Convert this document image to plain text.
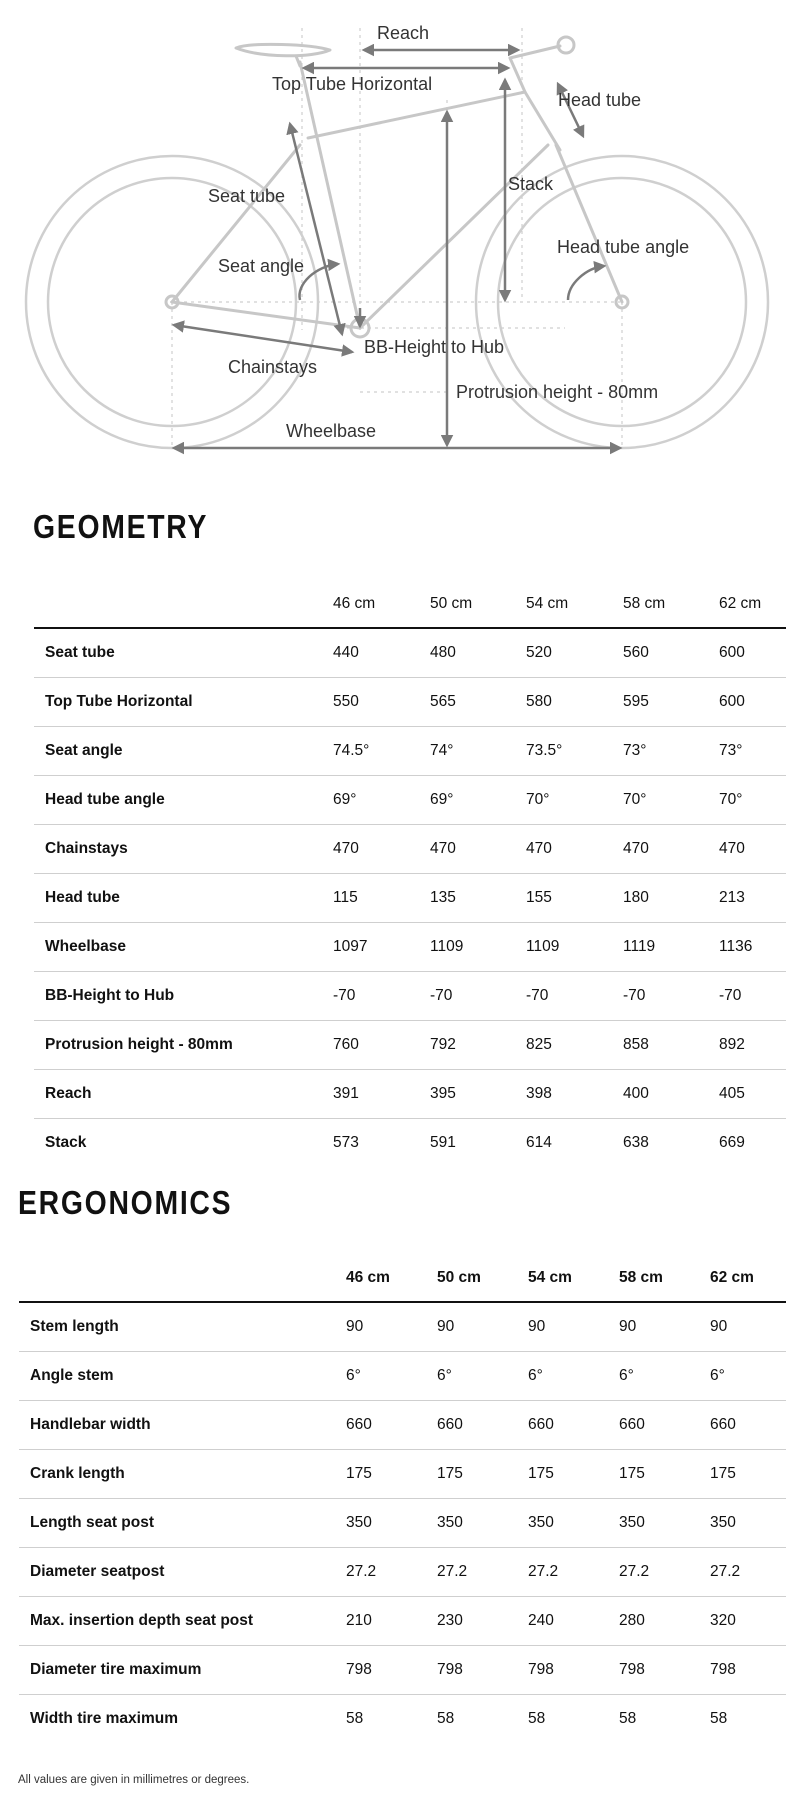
Reach
Top Tube Horizontal
Head tube
Stack
Seat tube
Head tube angle
Seat angle
BB-Height to Hub
Chainstays
Protrusion height - 80mm
Wheelbase
GEOMETRY
	46 cm	50 cm	54 cm	58 cm	62 cm
Seat tube	440	480	520	560	600
Top Tube Horizontal	550	565	580	595	600
Seat angle	74.5°	74°	73.5°	73°	73°
Head tube angle	69°	69°	70°	70°	70°
Chainstays	470	470	470	470	470
Head tube	115	135	155	180	213
Wheelbase	1097	1109	1109	1119	1136
BB-Height to Hub	-70	-70	-70	-70	-70
Protrusion height - 80mm	760	792	825	858	892
Reach	391	395	398	400	405
Stack	573	591	614	638	669
ERGONOMICS
	46 cm	50 cm	54 cm	58 cm	62 cm
Stem length	90	90	90	90	90
Angle stem	6°	6°	6°	6°	6°
Handlebar width	660	660	660	660	660
Crank length	175	175	175	175	175
Length seat post	350	350	350	350	350
Diameter seatpost	27.2	27.2	27.2	27.2	27.2
Max. insertion depth seat post	210	230	240	280	320
Diameter tire maximum	798	798	798	798	798
Width tire maximum	58	58	58	58	58

All values are given in millimetres or degrees.
